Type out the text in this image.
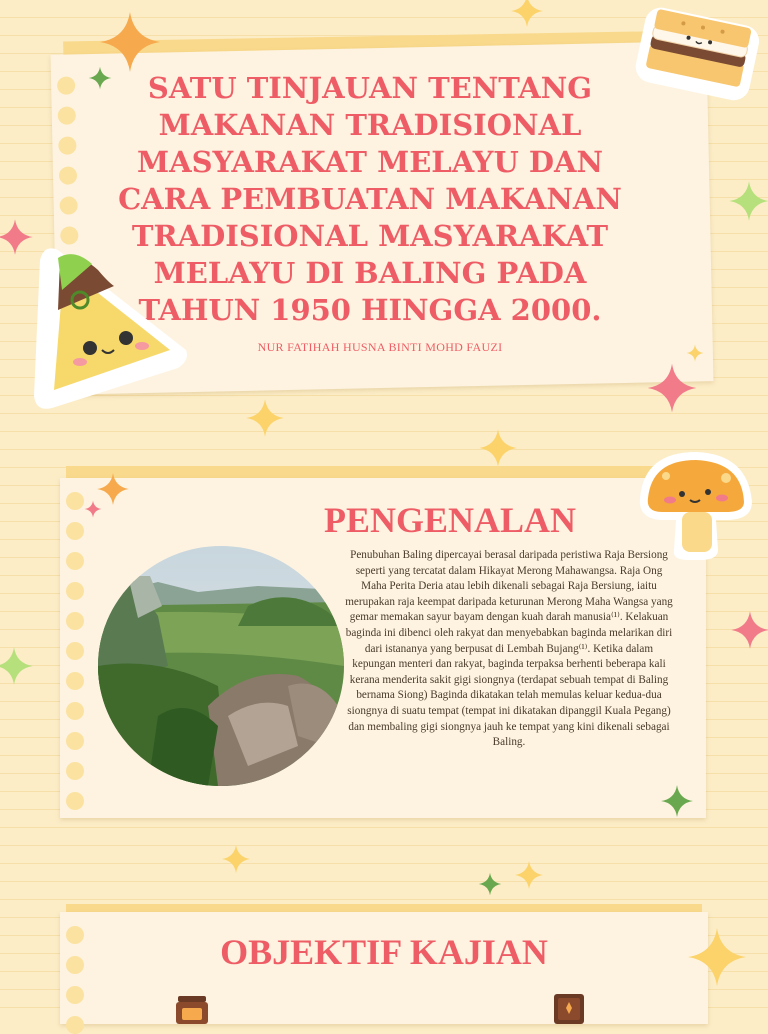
SATU TINJAUAN TENTANG MAKANAN TRADISIONAL MASYARAKAT MELAYU DAN CARA PEMBUATAN MAKANAN TRADISIONAL MASYARAKAT MELAYU DI BALING PADA TAHUN 1950 HINGGA 2000.
NUR FATIHAH HUSNA BINTI MOHD FAUZI
PENGENALAN

Penubuhan Baling dipercayai berasal daripada peristiwa Raja Bersiong seperti yang tercatat dalam Hikayat Merong Mahawangsa. Raja Ong Maha Perita Deria atau lebih dikenali sebagai Raja Bersiung, iaitu merupakan raja keempat daripada keturunan Merong Maha Wangsa yang gemar memakan sayur bayam dengan kuah darah manusia⁽¹⁾. Kelakuan baginda ini dibenci oleh rakyat dan menyebabkan baginda melarikan diri dari istananya yang berpusat di Lembah Bujang⁽¹⁾. Ketika dalam kepungan menteri dan rakyat, baginda terpaksa berhenti beberapa kali kerana menderita sakit gigi siongnya (terdapat sebuah tempat di Baling bernama Siong) Baginda dikatakan telah memulas keluar kedua-dua siongnya di suatu tempat (tempat ini dikatakan dipanggil Kuala Pegang) dan membaling gigi siongnya jauh ke tempat yang kini dikenali sebagai Baling.

OBJEKTIF KAJIAN
